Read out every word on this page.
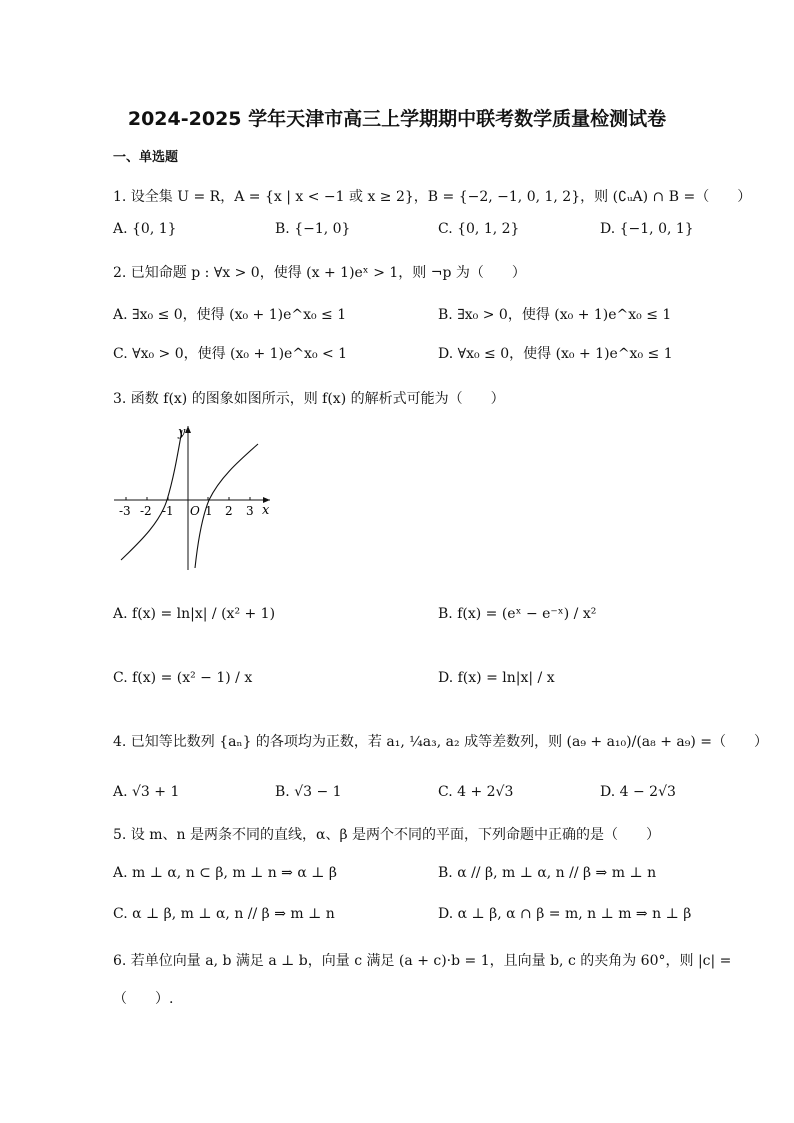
2024-2025 学年天津市高三上学期期中联考数学质量检测试卷
一、单选题
1. 设全集 U = R，A = {x | x < −1 或 x ≥ 2}，B = {−2, −1, 0, 1, 2}，则 (∁ᵤA) ∩ B =（　　）
A. {0, 1}	B. {−1, 0}	C. {0, 1, 2}	D. {−1, 0, 1}
2. 已知命题 p : ∀x > 0，使得 (x + 1)eˣ > 1，则 ¬p 为（　　）
A. ∃x₀ ≤ 0，使得 (x₀ + 1)e^x₀ ≤ 1	B. ∃x₀ > 0，使得 (x₀ + 1)e^x₀ ≤ 1
C. ∀x₀ > 0，使得 (x₀ + 1)e^x₀ < 1	D. ∀x₀ ≤ 0，使得 (x₀ + 1)e^x₀ ≤ 1
3. 函数 f(x) 的图象如图所示，则 f(x) 的解析式可能为（　　）
y
x
O
-3 -2 -1	1 2 3
A. f(x) = ln|x| / (x² + 1)	B. f(x) = (eˣ − e⁻ˣ) / x²
C. f(x) = (x² − 1) / x	D. f(x) = ln|x| / x
4. 已知等比数列 {aₙ} 的各项均为正数，若 a₁, ¼a₃, a₂ 成等差数列，则 (a₉ + a₁₀)/(a₈ + a₉) =（　　）
A. √3 + 1	B. √3 − 1	C. 4 + 2√3	D. 4 − 2√3
5. 设 m、n 是两条不同的直线，α、β 是两个不同的平面，下列命题中正确的是（　　）
A. m ⊥ α, n ⊂ β, m ⊥ n ⇒ α ⊥ β	B. α // β, m ⊥ α, n // β ⇒ m ⊥ n
C. α ⊥ β, m ⊥ α, n // β ⇒ m ⊥ n	D. α ⊥ β, α ∩ β = m, n ⊥ m ⇒ n ⊥ β
6. 若单位向量 a, b 满足 a ⊥ b，向量 c 满足 (a + c)·b = 1，且向量 b, c 的夹角为 60°，则 |c| =
（　　）.
